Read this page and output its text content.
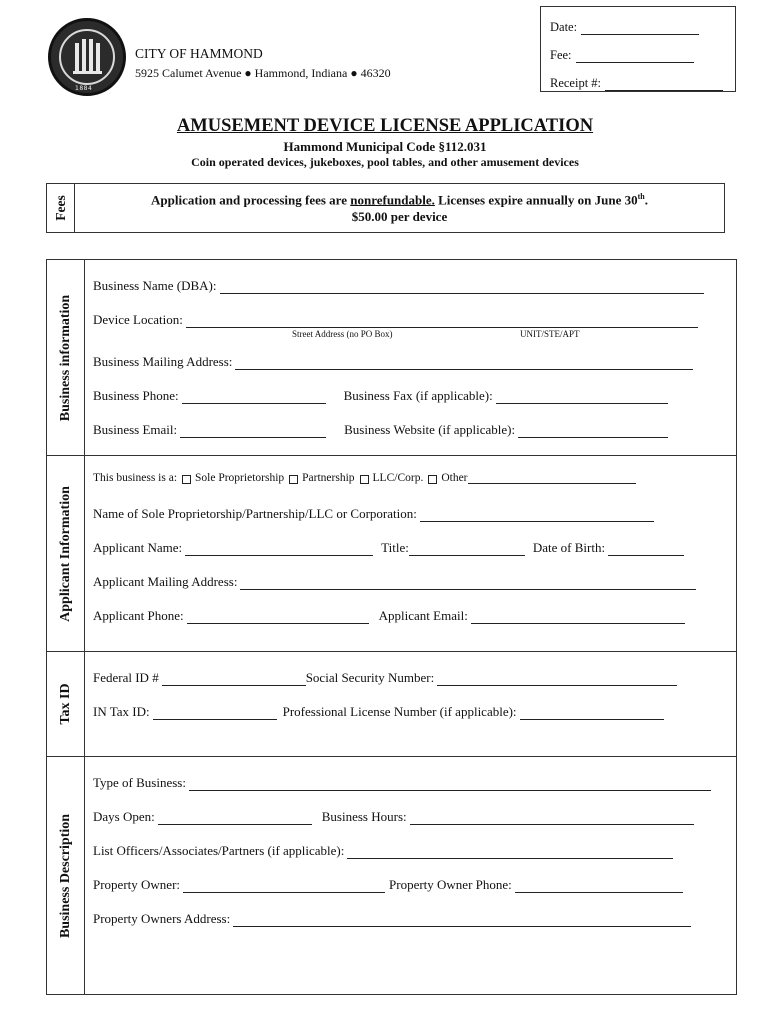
1884
CITY OF HAMMOND
5925 Calumet Avenue ● Hammond, Indiana ● 46320
Date:
Fee:
Receipt #:
AMUSEMENT DEVICE LICENSE APPLICATION
Hammond Municipal Code §112.031
Coin operated devices, jukeboxes, pool tables, and other amusement devices
Fees	Application and processing fees are nonrefundable. Licenses expire annually on June 30th.
$50.00 per device
Business information
Business Name (DBA):
Device Location:
Street Address (no PO Box)	UNIT/STE/APT
Business Mailing Address:
Business Phone:	Business Fax (if applicable):
Business Email:	Business Website (if applicable):
Applicant Information
This business is a: Sole Proprietorship Partnership LLC/Corp. Other
Name of Sole Proprietorship/Partnership/LLC or Corporation:
Applicant Name:	Title:	Date of Birth:
Applicant Mailing Address:
Applicant Phone:	Applicant Email:
Tax ID
Federal ID #	Social Security Number:
IN Tax ID:	Professional License Number (if applicable):
Business Description
Type of Business:
Days Open:	Business Hours:
List Officers/Associates/Partners (if applicable):
Property Owner:	Property Owner Phone:
Property Owners Address:
